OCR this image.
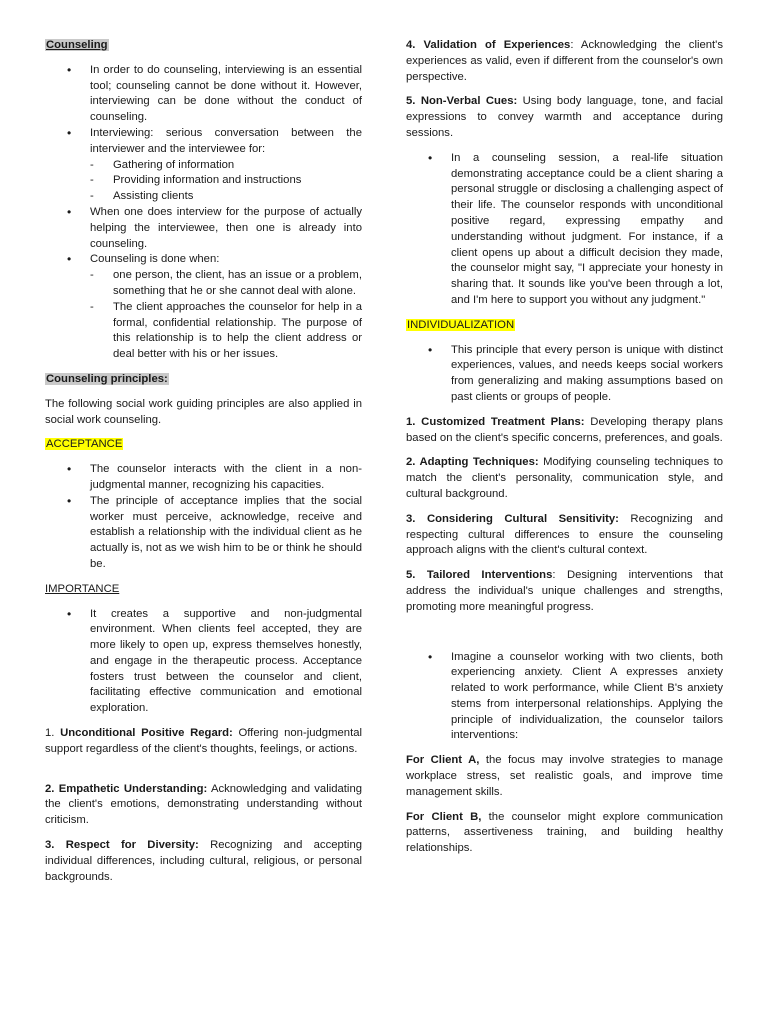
Counseling

• In order to do counseling, interviewing is an essential tool; counseling cannot be done without it. However, interviewing can be done without the conduct of counseling.
• Interviewing: serious conversation between the interviewer and the interviewee for:
- Gathering of information
- Providing information and instructions
- Assisting clients
• When one does interview for the purpose of actually helping the interviewee, then one is already into counseling.
• Counseling is done when:
- one person, the client, has an issue or a problem, something that he or she cannot deal with alone.
- The client approaches the counselor for help in a formal, confidential relationship. The purpose of this relationship is to help the client address or deal better with his or her issues.

Counseling principles:

The following social work guiding principles are also applied in social work counseling.

ACCEPTANCE

• The counselor interacts with the client in a non-judgmental manner, recognizing his capacities.
• The principle of acceptance implies that the social worker must perceive, acknowledge, receive and establish a relationship with the individual client as he actually is, not as we wish him to be or think he should be.

IMPORTANCE

• It creates a supportive and non-judgmental environment. When clients feel accepted, they are more likely to open up, express themselves honestly, and engage in the therapeutic process. Acceptance fosters trust between the counselor and client, facilitating effective communication and emotional exploration.

1. Unconditional Positive Regard: Offering non-judgmental support regardless of the client's thoughts, feelings, or actions.

2. Empathetic Understanding: Acknowledging and validating the client's emotions, demonstrating understanding without criticism.

3. Respect for Diversity: Recognizing and accepting individual differences, including cultural, religious, or personal backgrounds.

4. Validation of Experiences: Acknowledging the client's experiences as valid, even if different from the counselor's own perspective.

5. Non-Verbal Cues: Using body language, tone, and facial expressions to convey warmth and acceptance during sessions.

• In a counseling session, a real-life situation demonstrating acceptance could be a client sharing a personal struggle or disclosing a challenging aspect of their life. The counselor responds with unconditional positive regard, expressing empathy and understanding without judgment. For instance, if a client opens up about a difficult decision they made, the counselor might say, "I appreciate your honesty in sharing that. It sounds like you've been through a lot, and I'm here to support you without any judgment."

INDIVIDUALIZATION

• This principle that every person is unique with distinct experiences, values, and needs keeps social workers from generalizing and making assumptions based on past clients or groups of people.

1. Customized Treatment Plans: Developing therapy plans based on the client's specific concerns, preferences, and goals.

2. Adapting Techniques: Modifying counseling techniques to match the client's personality, communication style, and cultural background.

3. Considering Cultural Sensitivity: Recognizing and respecting cultural differences to ensure the counseling approach aligns with the client's cultural context.

5. Tailored Interventions: Designing interventions that address the individual's unique challenges and strengths, promoting more meaningful progress.

• Imagine a counselor working with two clients, both experiencing anxiety. Client A expresses anxiety related to work performance, while Client B's anxiety stems from interpersonal relationships. Applying the principle of individualization, the counselor tailors interventions:

For Client A, the focus may involve strategies to manage workplace stress, set realistic goals, and improve time management skills.

For Client B, the counselor might explore communication patterns, assertiveness training, and building healthy relationships.
